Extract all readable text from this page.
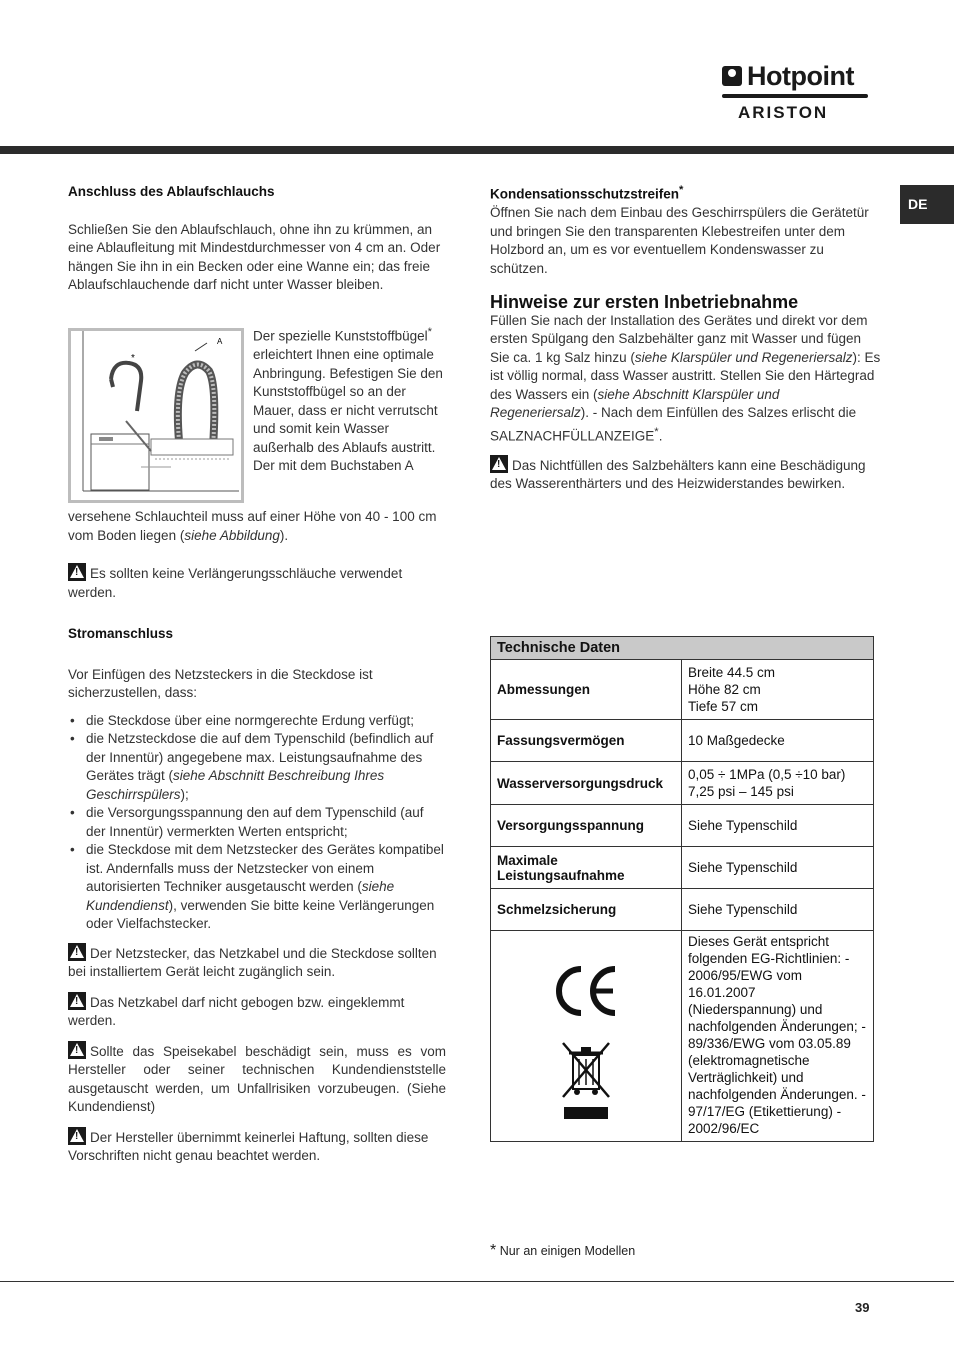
Hotpoint
ARISTON
DE
Anschluss des Ablaufschlauchs

Schließen Sie den Ablaufschlauch, ohne ihn zu krümmen, an eine Ablaufleitung mit Mindestdurchmesser von 4 cm an. Oder hängen Sie ihn in ein Becken oder eine Wanne ein; das freie Ablaufschlauchende darf nicht unter Wasser bleiben.

A
*

Der spezielle Kunststoffbügel* erleichtert Ihnen eine optimale Anbringung. Befestigen Sie den Kunststoffbügel so an der Mauer, dass er nicht verrutscht und somit kein Wasser außerhalb des Ablaufs austritt.

Der mit dem Buchstaben A

versehene Schlauchteil muss auf einer Höhe von 40 - 100 cm vom Boden liegen (siehe Abbildung).

!Es sollten keine Verlängerungsschläuche verwendet werden.

Stromanschluss

Vor Einfügen des Netzsteckers in die Steckdose ist sicherzustellen, dass:

• die Steckdose über eine normgerechte Erdung verfügt;
• die Netzsteckdose die auf dem Typenschild (befindlich auf der Innentür) angegebene max. Leistungsaufnahme des Gerätes trägt (siehe Abschnitt Beschreibung Ihres Geschirrspülers);
• die Versorgungsspannung den auf dem Typenschild (auf der Innentür) vermerkten Werten entspricht;
• die Steckdose mit dem Netzstecker des Gerätes kompatibel ist. Andernfalls muss der Netzstecker von einem autorisierten Techniker ausgetauscht werden (siehe Kundendienst), verwenden Sie bitte keine Verlängerungen oder Vielfachstecker.

!Der Netzstecker, das Netzkabel und die Steckdose sollten bei installiertem Gerät leicht zugänglich sein.

!Das Netzkabel darf nicht gebogen bzw. eingeklemmt werden.

!Sollte das Speisekabel beschädigt sein, muss es vom Hersteller oder seiner technischen Kundendienststelle ausgetauscht werden, um Unfallrisiken vorzubeugen. (Siehe Kundendienst)

!Der Hersteller übernimmt keinerlei Haftung, sollten diese Vorschriften nicht genau beachtet werden.

Kondensationsschutzstreifen*

Öffnen Sie nach dem Einbau des Geschirrspülers die Gerätetür und bringen Sie den transparenten Klebestreifen unter dem Holzbord an, um es vor eventuellem Kondenswasser zu schützen.

Hinweise zur ersten Inbetriebnahme

Füllen Sie nach der Installation des Gerätes und direkt vor dem ersten Spülgang den Salzbehälter ganz mit Wasser und fügen Sie ca. 1 kg Salz hinzu (siehe Klarspüler und Regeneriersalz): Es ist völlig normal, dass Wasser austritt. Stellen Sie den Härtegrad des Wassers ein (siehe Abschnitt Klarspüler und Regeneriersalz). - Nach dem Einfüllen des Salzes erlischt die SALZNACHFÜLLANZEIGE*.

!Das Nichtfüllen des Salzbehälters kann eine Beschädigung des Wasserenthärters und des Heizwiderstandes bewirken.

Technische Daten	
Abmessungen	Breite 44.5 cm
Höhe 82 cm
Tiefe 57 cm

Fassungsvermögen	10 Maßgedecke
Wasserversorgungsdruck	0,05 ÷ 1MPa (0,5 ÷10 bar)
7,25 psi – 145 psi

Versorgungsspannung	Siehe Typenschild
Maximale Leistungsaufnahme	Siehe Typenschild
Schmelzsicherung	Siehe Typenschild

	Dieses Gerät entspricht folgenden EG-Richtlinien: - 2006/95/EWG vom 16.01.2007 (Niederspannung) und nachfolgenden Änderungen; - 89/336/EWG vom 03.05.89 (elektromagnetische Verträglichkeit) und nachfolgenden Änderungen. - 97/17/EG (Etikettierung) - 2002/96/EC
* Nur an einigen Modellen
39
